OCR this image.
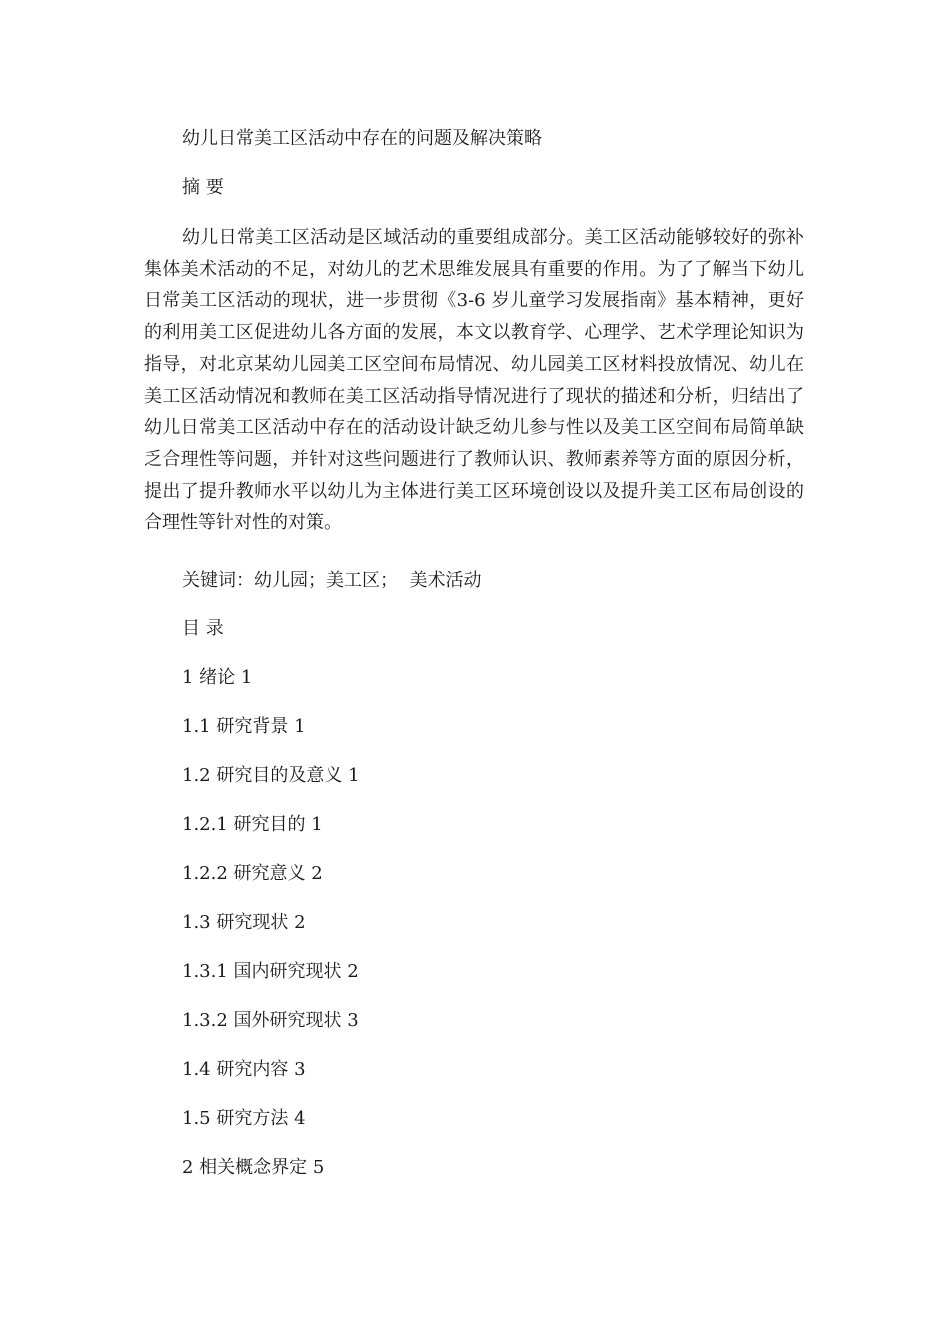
幼儿日常美工区活动中存在的问题及解决策略
摘 要

幼儿日常美工区活动是区域活动的重要组成部分。美工区活动能够较好的弥补集体美术活动的不足，对幼儿的艺术思维发展具有重要的作用。为了了解当下幼儿日常美工区活动的现状，进一步贯彻《3-6 岁儿童学习发展指南》基本精神，更好的利用美工区促进幼儿各方面的发展，本文以教育学、心理学、艺术学理论知识为指导，对北京某幼儿园美工区空间布局情况、幼儿园美工区材料投放情况、幼儿在美工区活动情况和教师在美工区活动指导情况进行了现状的描述和分析，归结出了幼儿日常美工区活动中存在的活动设计缺乏幼儿参与性以及美工区空间布局简单缺乏合理性等问题，并针对这些问题进行了教师认识、教师素养等方面的原因分析，提出了提升教师水平以幼儿为主体进行美工区环境创设以及提升美工区布局创设的合理性等针对性的对策。

关键词：幼儿园；美工区；  美术活动
目 录
1 绪论 1
1.1 研究背景 1
1.2 研究目的及意义 1
1.2.1 研究目的 1
1.2.2 研究意义 2
1.3 研究现状 2
1.3.1 国内研究现状 2
1.3.2 国外研究现状 3
1.4 研究内容 3
1.5 研究方法 4
2 相关概念界定 5
